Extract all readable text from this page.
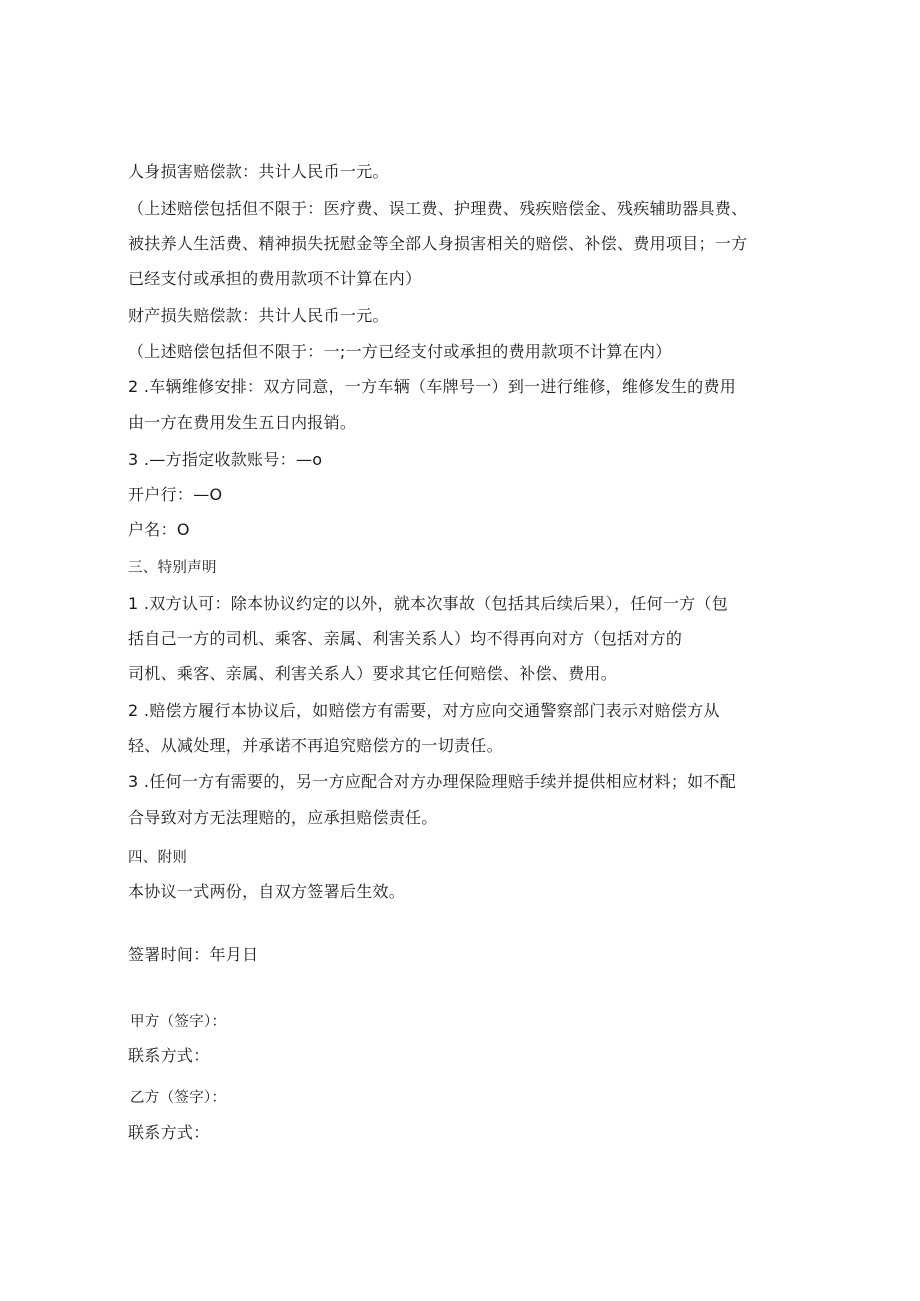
人身损害赔偿款：共计人民币一元。
（上述赔偿包括但不限于：医疗费、误工费、护理费、残疾赔偿金、残疾辅助器具费、
被扶养人生活费、精神损失抚慰金等全部人身损害相关的赔偿、补偿、费用项目；一方
已经支付或承担的费用款项不计算在内）
财产损失赔偿款：共计人民币一元。
（上述赔偿包括但不限于：一;一方已经支付或承担的费用款项不计算在内）
2 .车辆维修安排：双方同意，一方车辆（车牌号一）到一进行维修，维修发生的费用
由一方在费用发生五日内报销。
3 .—方指定收款账号：—o
开户行：—O
户名：O
三、特别声明
1 .双方认可：除本协议约定的以外，就本次事故（包括其后续后果），任何一方（包
括自己一方的司机、乘客、亲属、利害关系人）均不得再向对方（包括对方的
司机、乘客、亲属、利害关系人）要求其它任何赔偿、补偿、费用。
2 .赔偿方履行本协议后，如赔偿方有需要，对方应向交通警察部门表示对赔偿方从
轻、从减处理，并承诺不再追究赔偿方的一切责任。
3 .任何一方有需要的，另一方应配合对方办理保险理赔手续并提供相应材料；如不配
合导致对方无法理赔的，应承担赔偿责任。
四、附则
本协议一式两份，自双方签署后生效。
签署时间：年月日
甲方（签字）：
联系方式：
乙方（签字）：
联系方式：
